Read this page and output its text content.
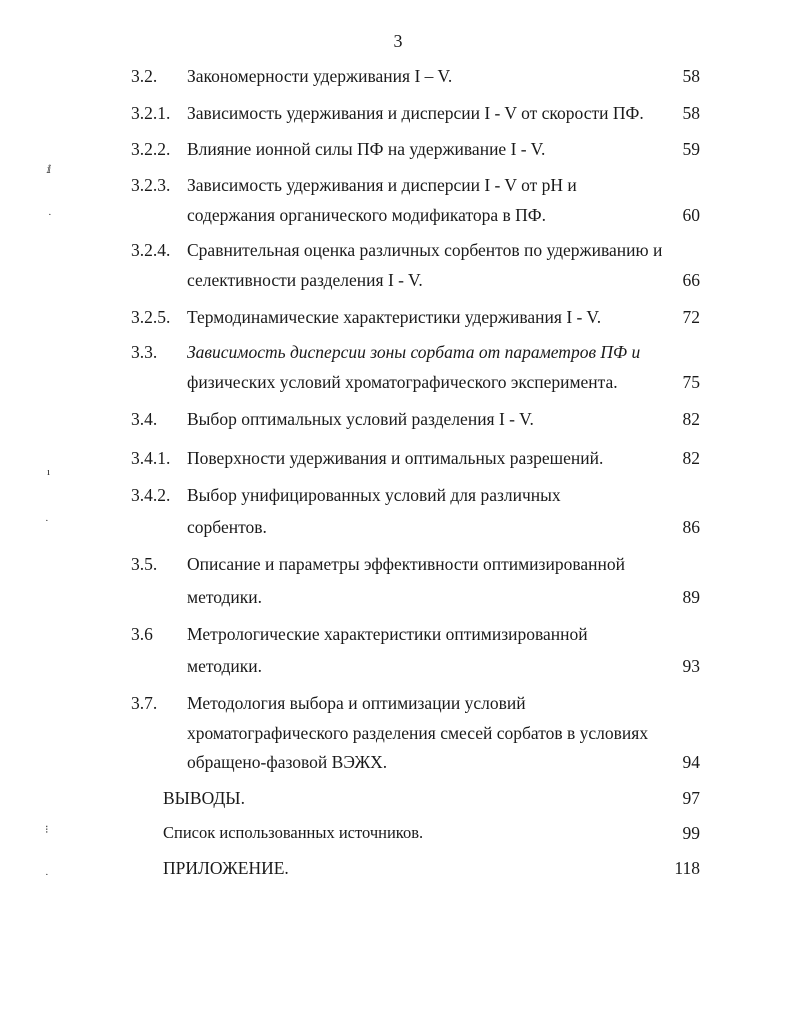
3
3.2. Закономерности удерживания I – V.	58
3.2.1. Зависимость удерживания и дисперсии I - V от скорости ПФ.	58
3.2.2. Влияние ионной силы ПФ на удерживание I - V.	59
3.2.3. Зависимость удерживания и дисперсии I - V от pH и
содержания органического модификатора в ПФ.	60
3.2.4. Сравнительная оценка различных сорбентов по удерживанию и
селективности разделения I - V.	66
3.2.5. Термодинамические характеристики удерживания I - V.	72
3.3. Зависимость дисперсии зоны сорбата от параметров ПФ и
физических условий хроматографического эксперимента.	75
3.4. Выбор оптимальных условий разделения I - V.	82
3.4.1. Поверхности удерживания и оптимальных разрешений.	82
3.4.2. Выбор унифицированных условий для различных
сорбентов.	86
3.5. Описание и параметры эффективности оптимизированной
методики.	89
3.6 Метрологические характеристики оптимизированной
методики.	93
3.7. Методология выбора и оптимизации условий
хроматографического разделения смесей сорбатов в условиях
обращено-фазовой ВЭЖХ.	94
ВЫВОДЫ.	97
Список использованных источников.	99
ПРИЛОЖЕНИЕ.	118
ⅈ
·
ı
·
⁝
·
